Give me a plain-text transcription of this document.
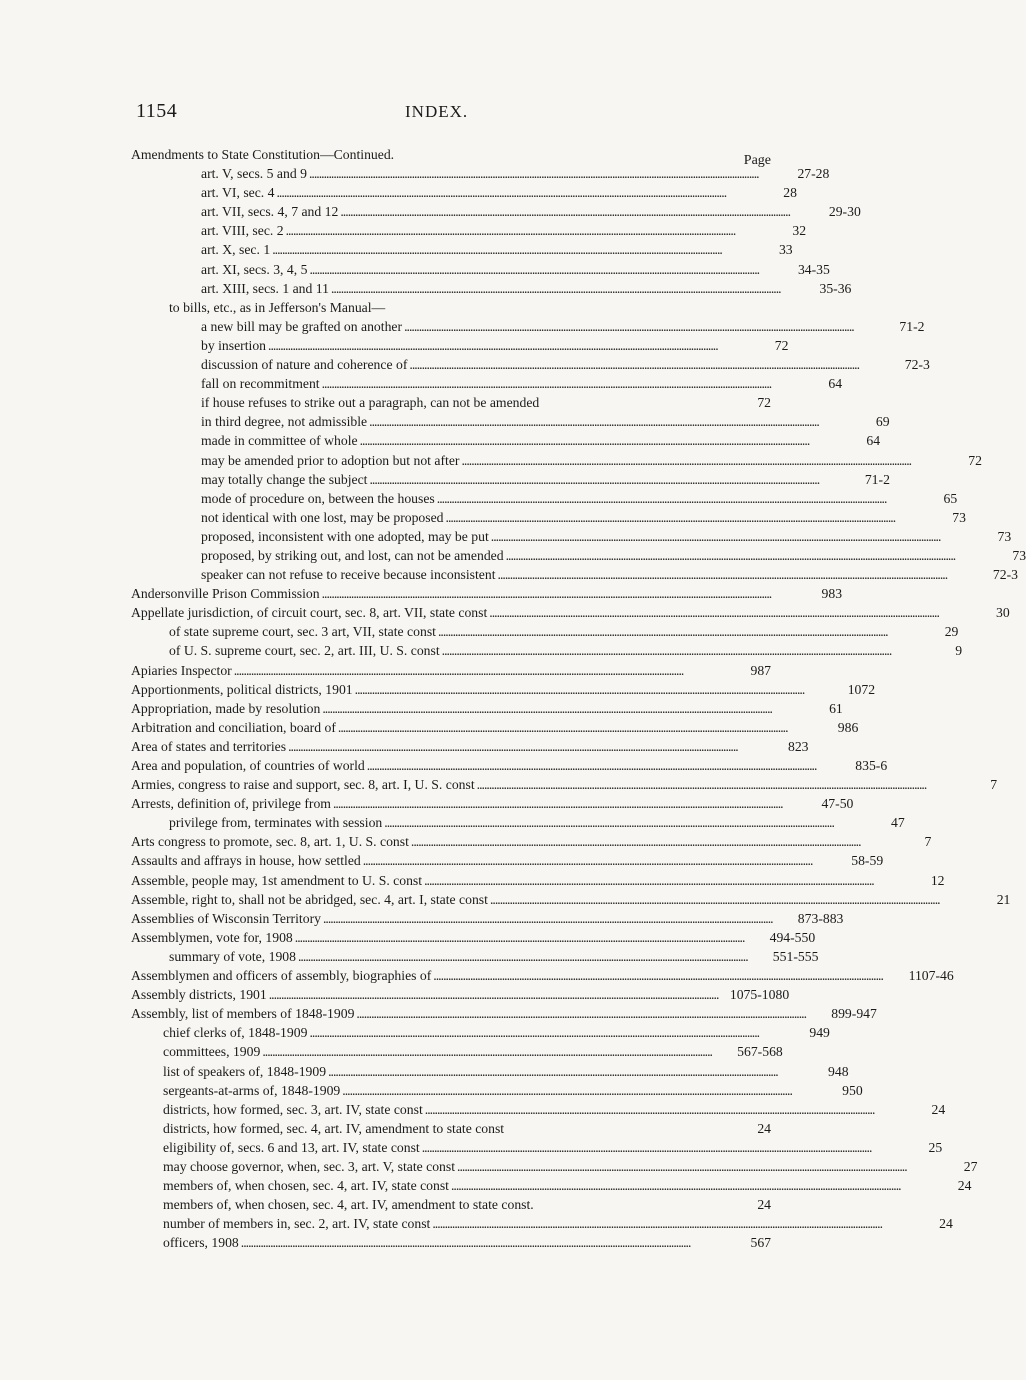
1154	INDEX.
Amendments to State Constitution—Continued.	Page
art. V, secs. 5 and 9 . . .	27-28
art. VI, sec. 4 . . .	28
art. VII, secs. 4, 7 and 12 . . .	29-30
art. VIII, sec. 2 . . .	32
art. X, sec. 1 . . .	33
art. XI, secs. 3, 4, 5 . . .	34-35
art. XIII, secs. 1 and 11 . . .	35-36
to bills, etc., as in Jefferson's Manual—
a new bill may be grafted on another . . .	71-2
by insertion . . .	72
discussion of nature and coherence of . . .	72-3
fall on recommitment . . .	64
if house refuses to strike out a paragraph, can not be amended	72
in third degree, not admissible . . .	69
made in committee of whole . . .	64
may be amended prior to adoption but not after . . .	72
may totally change the subject . . .	71-2
mode of procedure on, between the houses . . .	65
not identical with one lost, may be proposed . . .	73
proposed, inconsistent with one adopted, may be put . . .	73
proposed, by striking out, and lost, can not be amended . . .	73
speaker can not refuse to receive because inconsistent . . .	72-3
Andersonville Prison Commission . . .	983
Appellate jurisdiction, of circuit court, sec. 8, art. VII, state const . . .	30
of state supreme court, sec. 3 art, VII, state const . . .	29
of U. S. supreme court, sec. 2, art. III, U. S. const . . .	9
Apiaries Inspector . . .	987
Apportionments, political districts, 1901 . . .	1072
Appropriation, made by resolution . . .	61
Arbitration and conciliation, board of . . .	986
Area of states and territories . . .	823
Area and population, of countries of world . . .	835-6
Armies, congress to raise and support, sec. 8, art. I, U. S. const . . .	7
Arrests, definition of, privilege from . . .	47-50
privilege from, terminates with session . . .	47
Arts congress to promote, sec. 8, art. 1, U. S. const . . .	7
Assaults and affrays in house, how settled . . .	58-59
Assemble, people may, 1st amendment to U. S. const . . .	12
Assemble, right to, shall not be abridged, sec. 4, art. I, state const . . .	21
Assemblies of Wisconsin Territory . . .	873-883
Assemblymen, vote for, 1908 . . .	494-550
summary of vote, 1908 . . .	551-555
Assemblymen and officers of assembly, biographies of . . .	1107-46
Assembly districts, 1901 . . .	1075-1080
Assembly, list of members of 1848-1909 . . .	899-947
chief clerks of, 1848-1909 . . .	949
committees, 1909 . . .	567-568
list of speakers of, 1848-1909 . . .	948
sergeants-at-arms of, 1848-1909 . . .	950
districts, how formed, sec. 3, art. IV, state const . . .	24
districts, how formed, sec. 4, art. IV, amendment to state const	24
eligibility of, secs. 6 and 13, art. IV, state const . . .	25
may choose governor, when, sec. 3, art. V, state const . . .	27
members of, when chosen, sec. 4, art. IV, state const . . .	24
members of, when chosen, sec. 4, art. IV, amendment to state const.	24
number of members in, sec. 2, art. IV, state const . . .	24
officers, 1908 . . .	567
